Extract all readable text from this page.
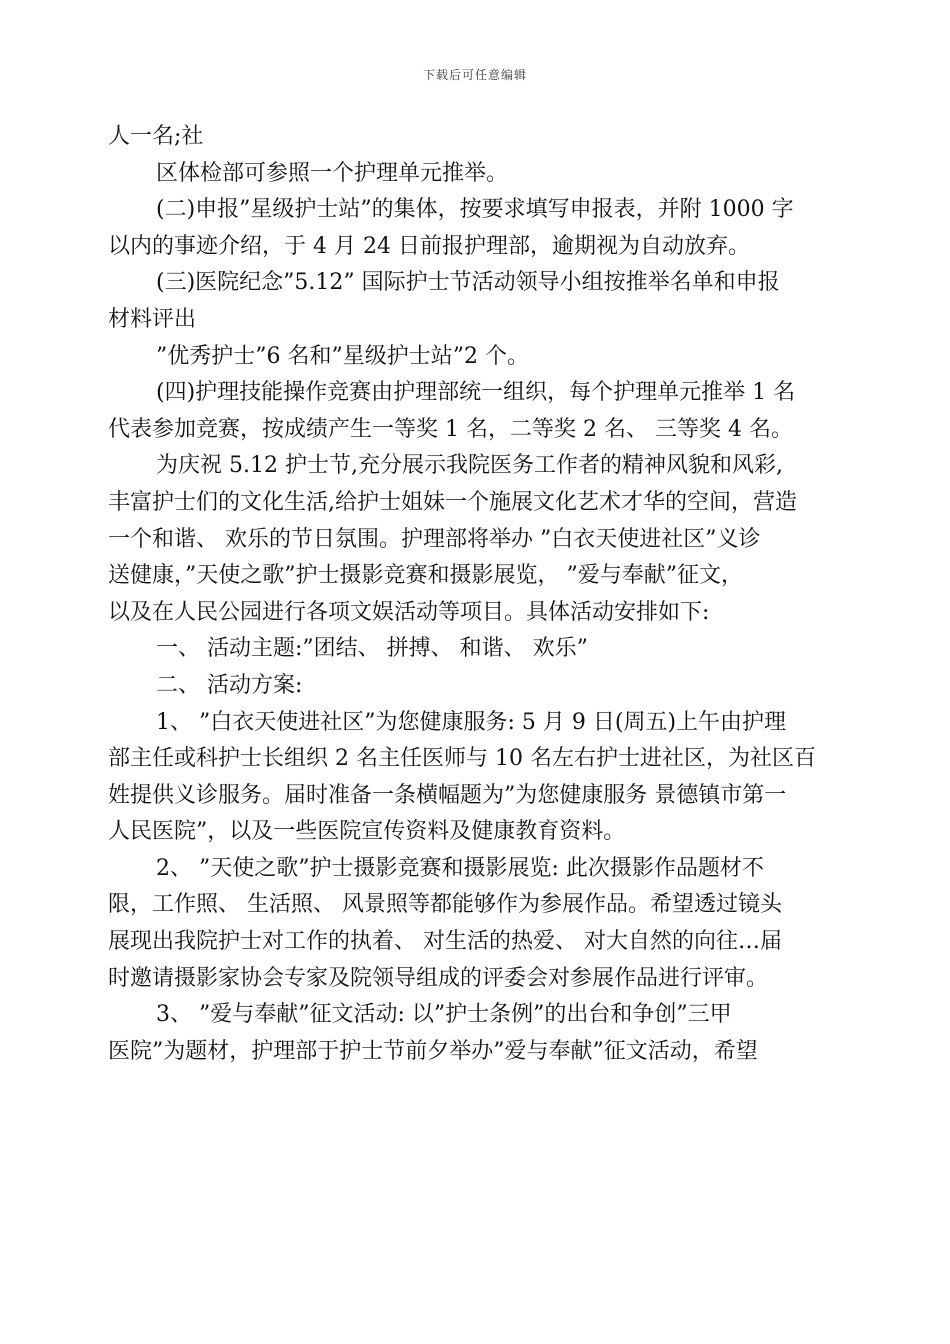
下载后可任意编辑
人一名;社
区体检部可参照一个护理单元推举。
(二)申报”星级护士站”的集体，按要求填写申报表，并附 1000 字
以内的事迹介绍，于 4 月 24 日前报护理部，逾期视为自动放弃。
(三)医院纪念”5.12” 国际护士节活动领导小组按推举名单和申报
材料评出
”优秀护士”6 名和”星级护士站”2 个。
(四)护理技能操作竞赛由护理部统一组织，每个护理单元推举 1 名
代表参加竞赛，按成绩产生一等奖 1 名，二等奖 2 名、 三等奖 4 名。
为庆祝 5.12 护士节,充分展示我院医务工作者的精神风貌和风彩,
丰富护士们的文化生活,给护士姐妹一个施展文化艺术才华的空间，营造
一个和谐、 欢乐的节日氛围。护理部将举办 ”白衣天使进社区”义诊
送健康，”天使之歌”护士摄影竞赛和摄影展览， ”爱与奉献”征文，
以及在人民公园进行各项文娱活动等项目。具体活动安排如下:
一、 活动主题:”团结、 拼搏、 和谐、 欢乐”
二、 活动方案:
1、 ”白衣天使进社区”为您健康服务: 5 月 9 日(周五)上午由护理
部主任或科护士长组织 2 名主任医师与 10 名左右护士进社区，为社区百
姓提供义诊服务。届时准备一条横幅题为”为您健康服务 景德镇市第一
人民医院”，以及一些医院宣传资料及健康教育资料。
2、 ”天使之歌”护士摄影竞赛和摄影展览: 此次摄影作品题材不
限，工作照、 生活照、 风景照等都能够作为参展作品。希望透过镜头
展现出我院护士对工作的执着、 对生活的热爱、 对大自然的向往…届
时邀请摄影家协会专家及院领导组成的评委会对参展作品进行评审。
3、 ”爱与奉献”征文活动: 以”护士条例”的出台和争创”三甲
医院”为题材，护理部于护士节前夕举办”爱与奉献”征文活动，希望
